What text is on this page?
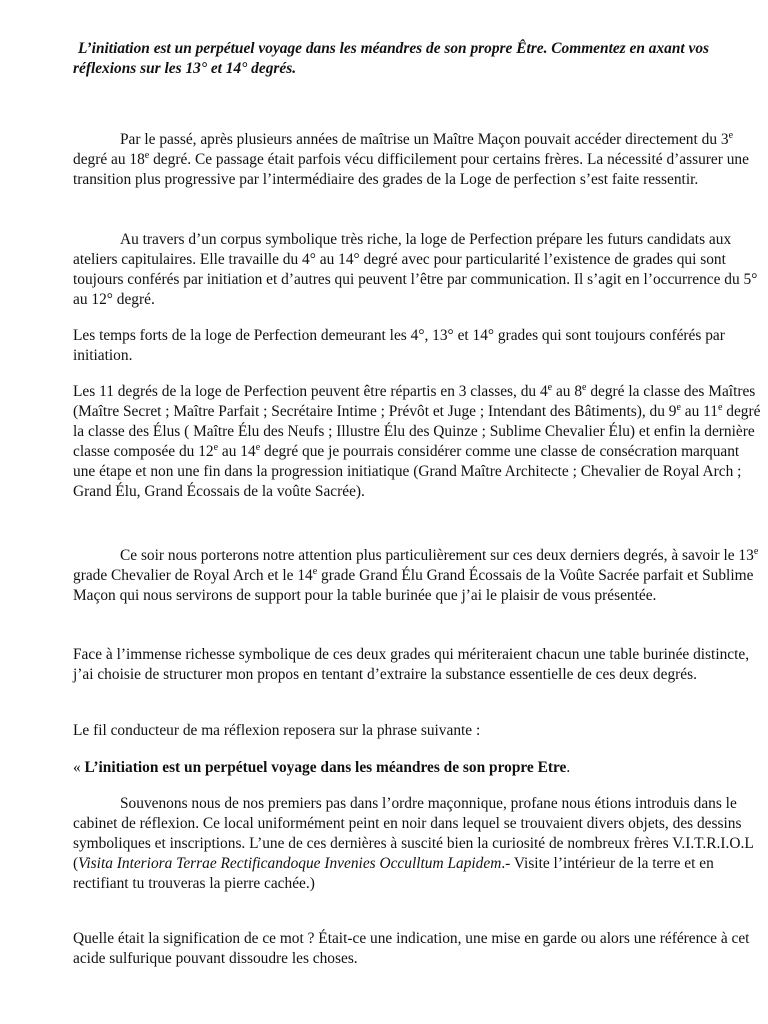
L’initiation est un perpétuel voyage dans les méandres de son propre Être. Commentez en axant vos réflexions sur les 13° et 14° degrés.
Par le passé, après plusieurs années de maîtrise un Maître Maçon pouvait accéder directement du 3e degré au 18e degré. Ce passage était parfois vécu difficilement pour certains frères. La nécessité d’assurer une transition plus progressive par l’intermédiaire des grades de la Loge de perfection s’est faite ressentir.
Au travers d’un corpus symbolique très riche, la loge de Perfection prépare les futurs candidats aux ateliers capitulaires. Elle travaille du 4° au 14° degré avec pour particularité l’existence de grades qui sont toujours conférés par initiation et d’autres qui peuvent l’être par communication. Il s’agit en l’occurrence du 5° au 12° degré.
Les temps forts de la loge de Perfection demeurant les 4°, 13° et 14° grades qui sont toujours conférés par initiation.
Les 11 degrés de la loge de Perfection peuvent être répartis en 3 classes, du 4e au 8e degré la classe des Maîtres (Maître Secret ; Maître Parfait ; Secrétaire Intime ; Prévôt et Juge ; Intendant des Bâtiments), du 9e au 11e degré la classe des Élus ( Maître Élu des Neufs ; Illustre Élu des Quinze ; Sublime Chevalier Élu) et enfin la dernière classe composée du 12e au 14e degré que je pourrais considérer comme une classe de consécration marquant une étape et non une fin dans la progression initiatique (Grand Maître Architecte ; Chevalier de Royal Arch ; Grand Élu, Grand Écossais de la voûte Sacrée).
Ce soir nous porterons notre attention plus particulièrement sur ces deux derniers degrés, à savoir le 13e grade Chevalier de Royal Arch et le 14e grade Grand Élu Grand Écossais de la Voûte Sacrée parfait et Sublime Maçon qui nous servirons de support pour la table burinée que j’ai le plaisir de vous présentée.
Face à l’immense richesse symbolique de ces deux grades qui mériteraient chacun une table burinée distincte, j’ai choisie de structurer mon propos en tentant d’extraire la substance essentielle de ces deux degrés.
Le fil conducteur de ma réflexion reposera sur la phrase suivante :
« L’initiation est un perpétuel voyage dans les méandres de son propre Etre.
Souvenons nous de nos premiers pas dans l’ordre maçonnique, profane nous étions introduis dans le cabinet de réflexion. Ce local uniformément peint en noir dans lequel se trouvaient divers objets, des dessins symboliques et inscriptions. L’une de ces dernières à suscité bien la curiosité de nombreux frères V.I.T.R.I.O.L (Visita Interiora Terrae Rectificandoque Invenies Occulltum Lapidem.- Visite l’intérieur de la terre et en rectifiant tu trouveras la pierre cachée.)
Quelle était la signification de ce mot ? Était-ce une indication, une mise en garde ou alors une référence à cet acide sulfurique pouvant dissoudre les choses.
